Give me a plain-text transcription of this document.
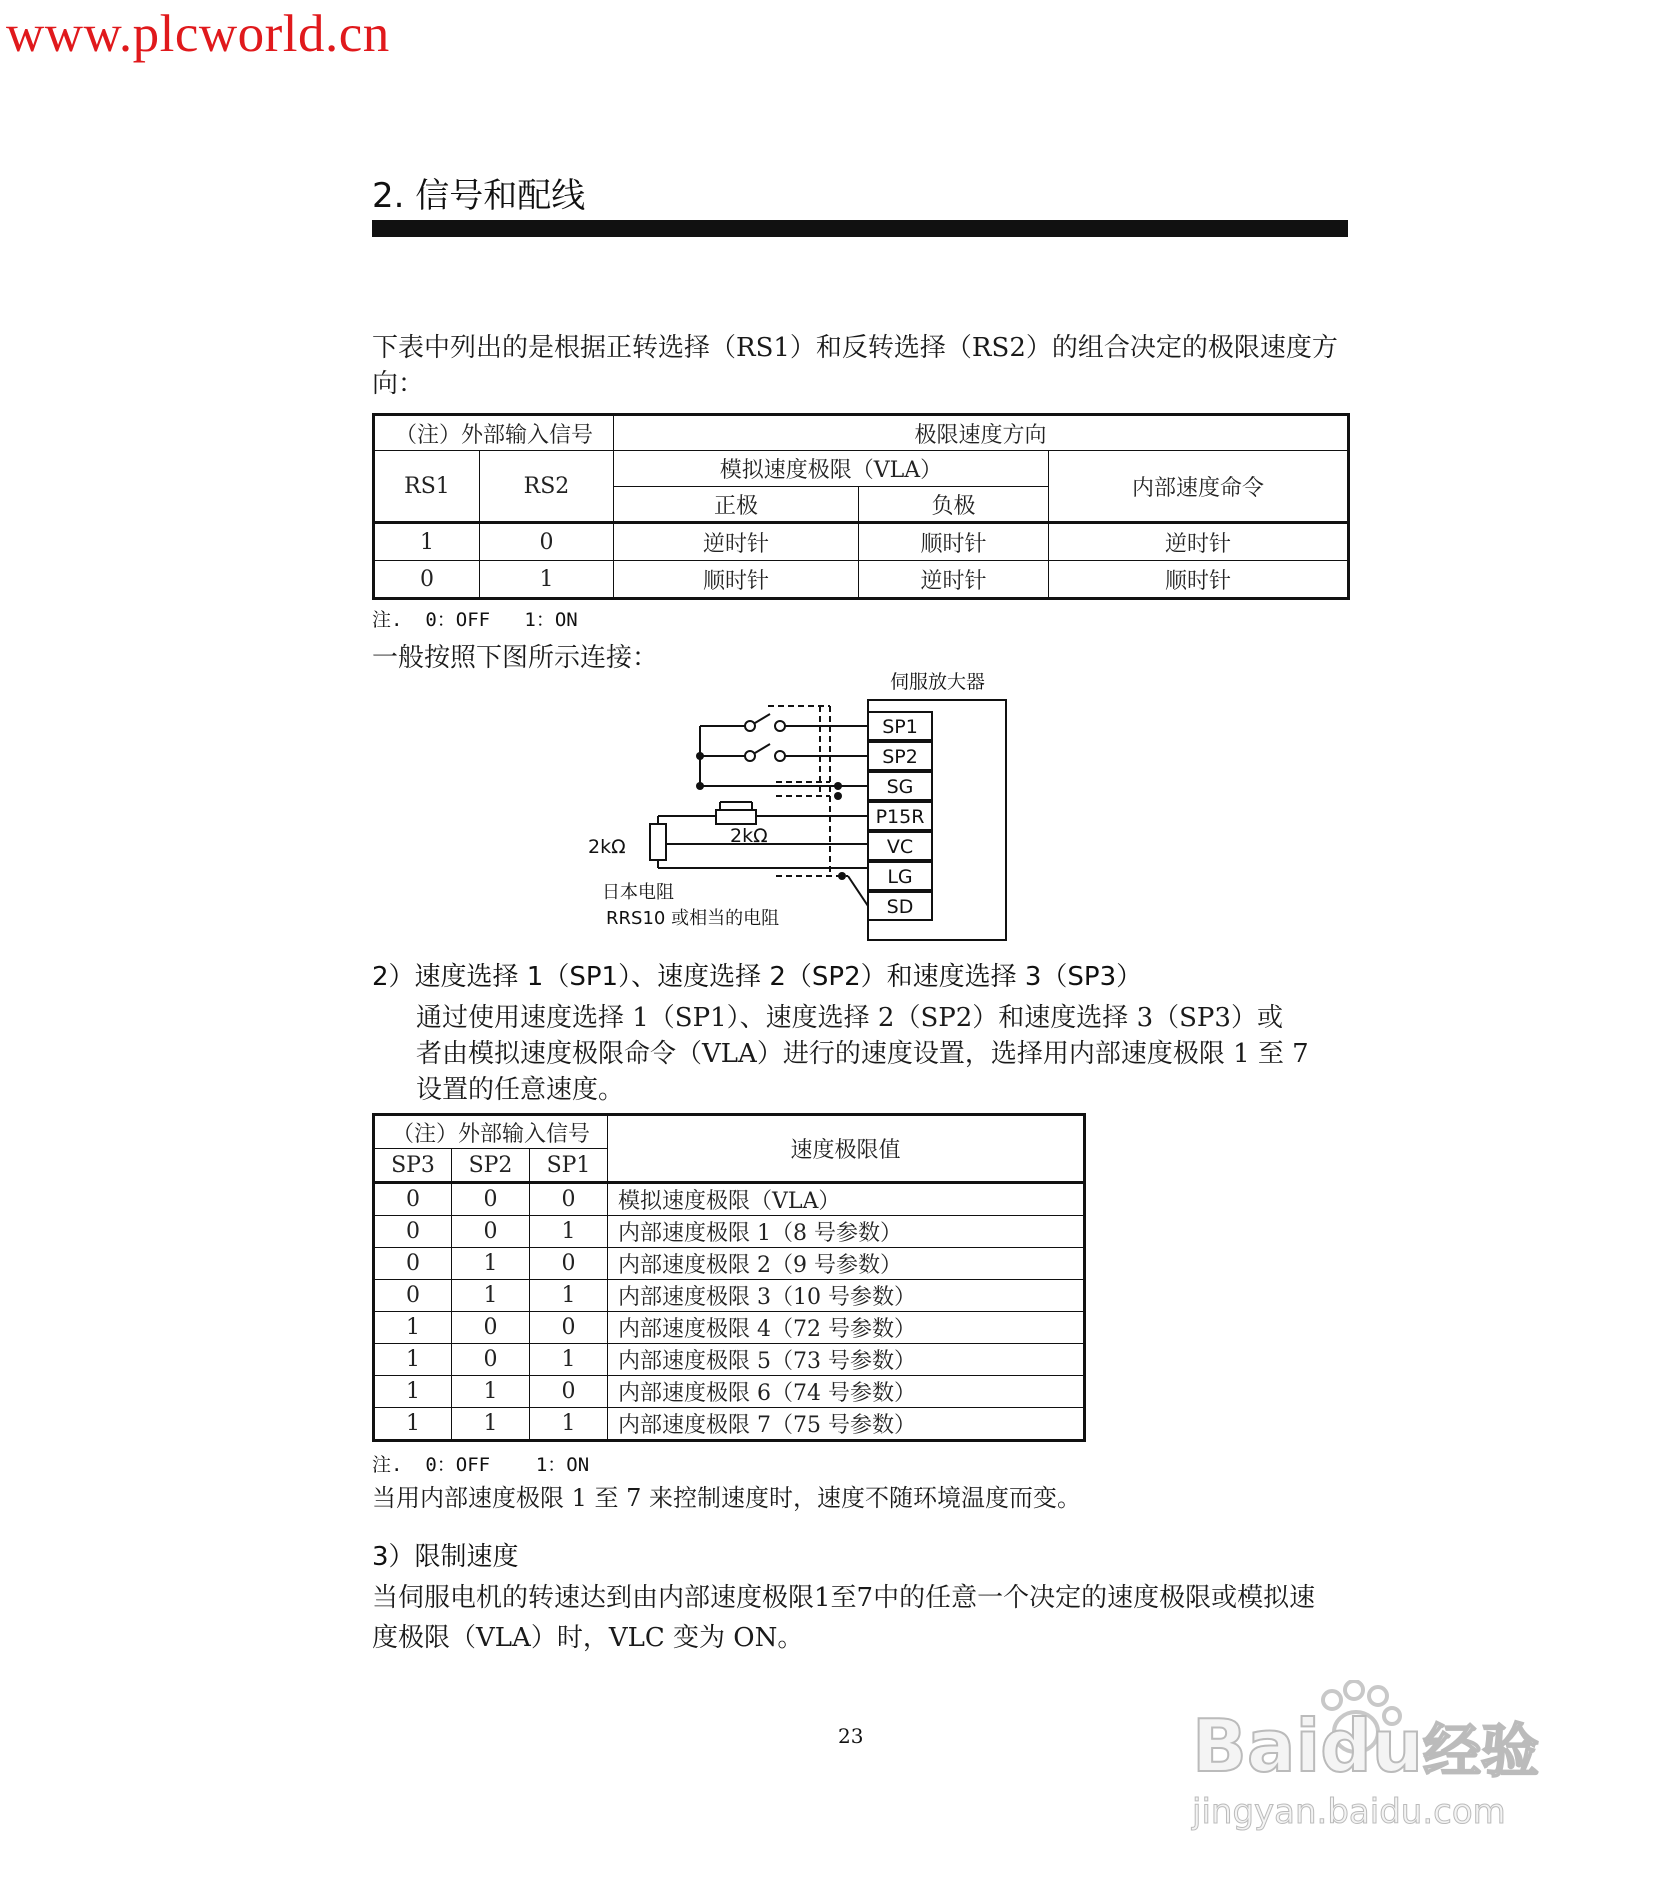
www.plcworld.cn
2. 信号和配线
下表中列出的是根据正转选择（RS1）和反转选择（RS2）的组合决定的极限速度方向：
（注）外部输入信号		极限速度方向		
RS1	RS2	模拟速度极限（VLA）		内部速度命令
		正极	负极	
1	0	逆时针	顺时针	逆时针
0	1	顺时针	逆时针	顺时针
注.  0：OFF   1：ON
一般按照下图所示连接：
伺服放大器
SP1
SP2
SG
P15R
VC
LG
SD
2kΩ
2kΩ
日本电阻
RRS10 或相当的电阻
2）速度选择 1（SP1）、速度选择 2（SP2）和速度选择 3（SP3）
通过使用速度选择 1（SP1）、速度选择 2（SP2）和速度选择 3（SP3）或
者由模拟速度极限命令（VLA）进行的速度设置，选择用内部速度极限 1 至 7
设置的任意速度。
（注）外部输入信号			速度极限值
SP3	SP2	SP1	
0	0	0	模拟速度极限（VLA）
0	0	1	内部速度极限 1（8 号参数）
0	1	0	内部速度极限 2（9 号参数）
0	1	1	内部速度极限 3（10 号参数）
1	0	0	内部速度极限 4（72 号参数）
1	0	1	内部速度极限 5（73 号参数）
1	1	0	内部速度极限 6（74 号参数）
1	1	1	内部速度极限 7（75 号参数）
注.  0：OFF    1：ON
当用内部速度极限 1 至 7 来控制速度时，速度不随环境温度而变。
3）限制速度
当伺服电机的转速达到由内部速度极限1至7中的任意一个决定的速度极限或模拟速
度极限（VLA）时，VLC 变为 ON。
23	Baidu经验
jingyan.baidu.com
